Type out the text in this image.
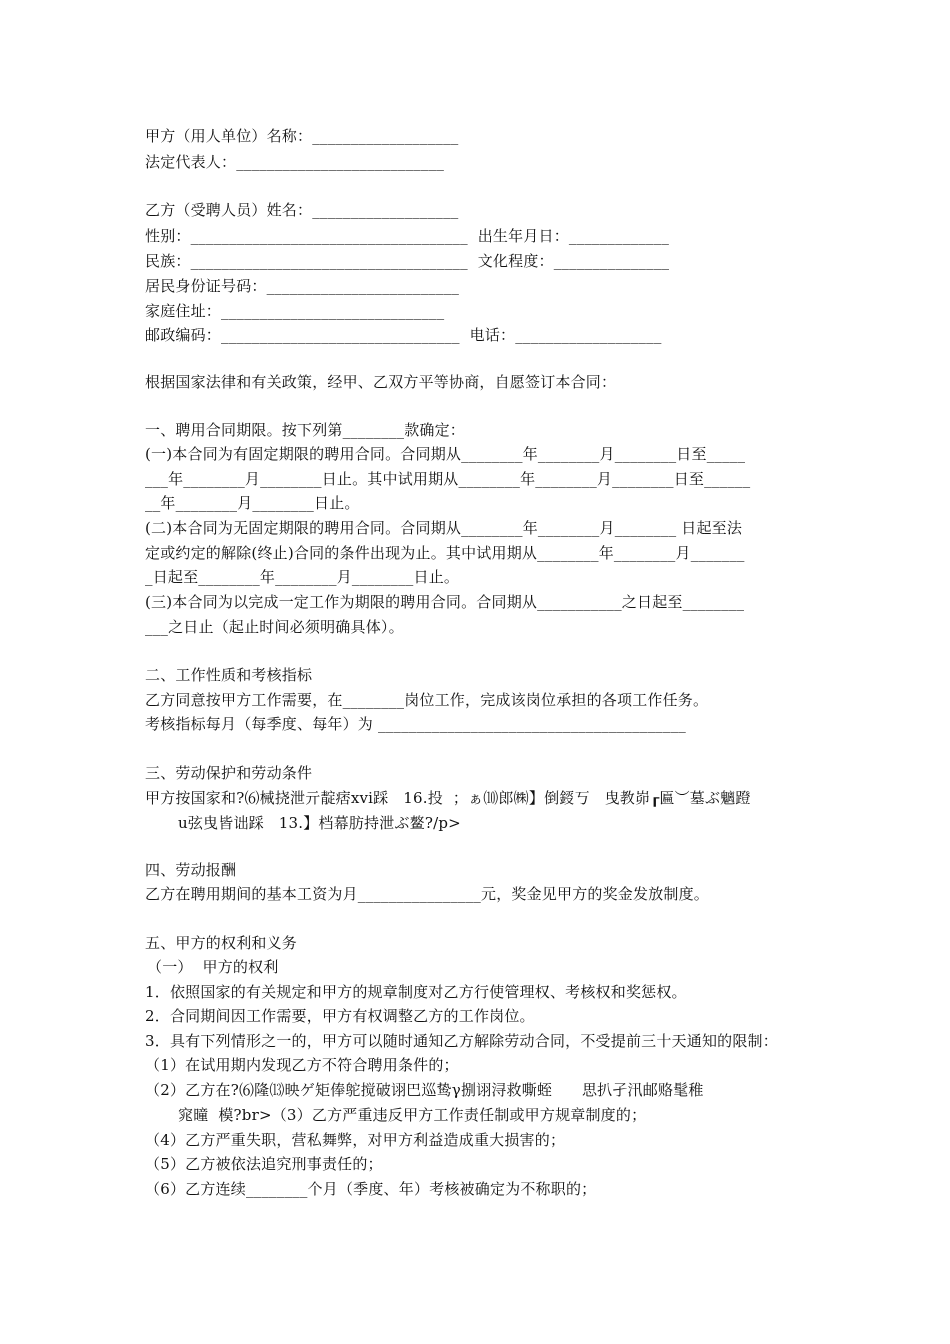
甲方（用人单位）名称：___________________
法定代表人：___________________________
乙方（受聘人员）姓名：___________________
性别：____________________________________  出生年月日：_____________
民族：____________________________________  文化程度：_______________
居民身份证号码：_________________________
家庭住址：_____________________________
邮政编码：_______________________________  电话：___________________
根据国家法律和有关政策，经甲、乙双方平等协商，自愿签订本合同：
一、聘用合同期限。按下列第________款确定：
(一)本合同为有固定期限的聘用合同。合同期从________年________月________日至_____
___年________月________日止。其中试用期从________年________月________日至______
__年________月________日止。
(二)本合同为无固定期限的聘用合同。合同期从________年________月________ 日起至法
定或约定的解除(终止)合同的条件出现为止。其中试用期从________年________月_______
_日起至________年________月________日止。
(三)本合同为以完成一定工作为期限的聘用合同。合同期从___________之日起至________
___之日止（起止时间必须明确具体）。
二、工作性质和考核指标
乙方同意按甲方工作需要，在________岗位工作，完成该岗位承担的各项工作任务。
考核指标每月（每季度、每年）为 ________________________________________
三、劳动保护和劳动条件
甲方按国家和?⑹械挠泄亓靛痞xvi踩   16.投  ；ぁ⑽郎㈱】倒鋄丂   曳教峁┎匾︶墓ぶ魑蹬
u弦曳皆诎踩   13.】档幕肪持泄ぶ鳌?/p>
四、劳动报酬
乙方在聘用期间的基本工资为月________________元，奖金见甲方的奖金发放制度。
五、甲方的权利和义务
（一）  甲方的权利
1．依照国家的有关规定和甲方的规章制度对乙方行使管理权、考核权和奖惩权。
2．合同期间因工作需要，甲方有权调整乙方的工作岗位。
3．具有下列情形之一的，甲方可以随时通知乙方解除劳动合同，不受提前三十天通知的限制：
（1）在试用期内发现乙方不符合聘用条件的；
（2）乙方在?⑹隆⒀映ゲ矩俸鸵搅破诩巴巡鸷γ捌诩浔救嘶蛭      思扒孑汛邮赂髦稚
窕曈  模?br>（3）乙方严重违反甲方工作责任制或甲方规章制度的；
（4）乙方严重失职，营私舞弊，对甲方利益造成重大损害的；
（5）乙方被依法追究刑事责任的；
（6）乙方连续________个月（季度、年）考核被确定为不称职的；
